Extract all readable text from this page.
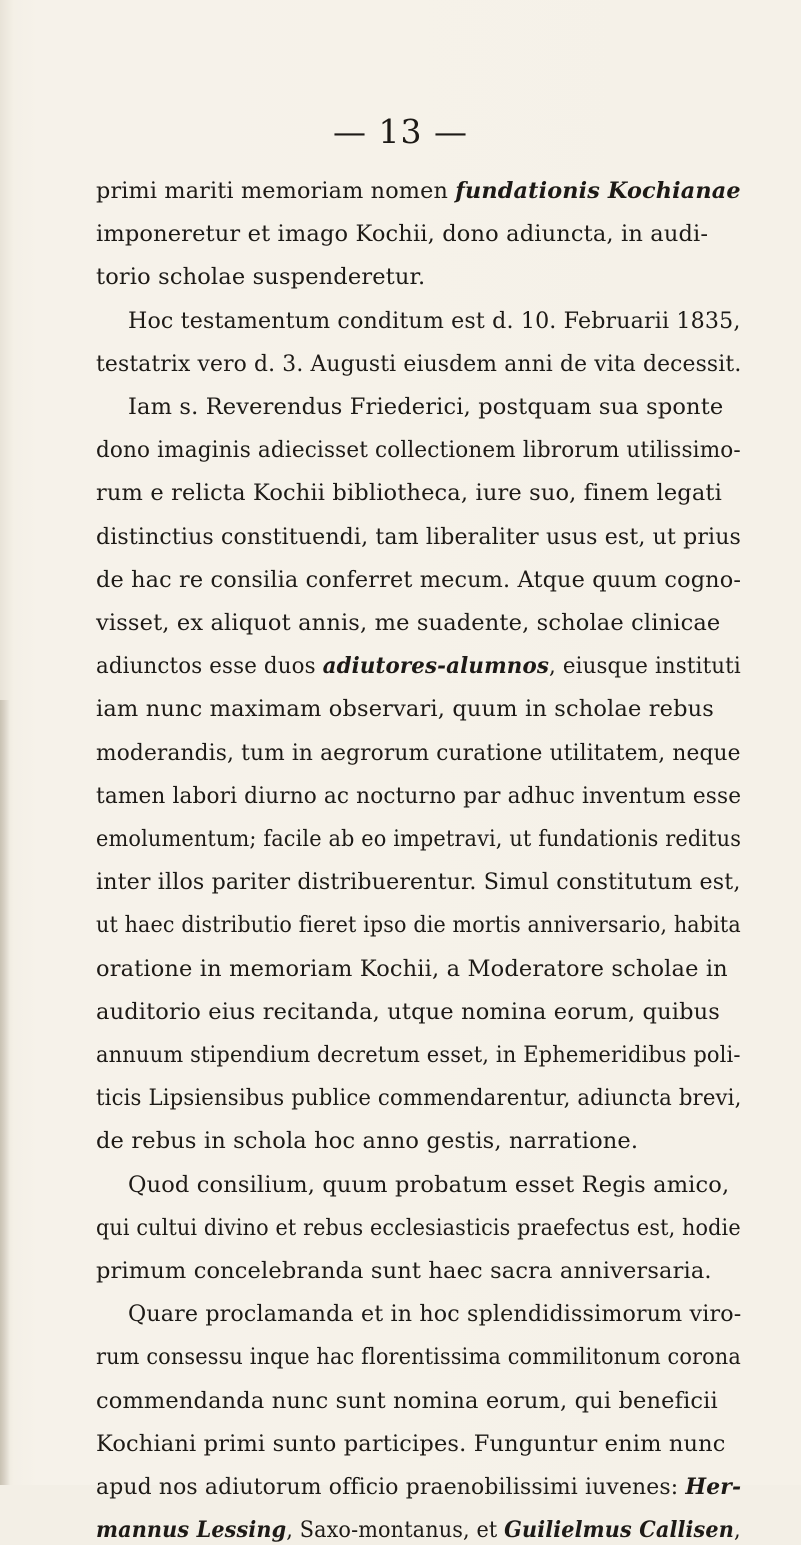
— 13 —
primi mariti memoriam nomen fundationis Kochianae
imponeretur et imago Kochii, dono adiuncta, in audi-
torio scholae suspenderetur.
Hoc testamentum conditum est d. 10. Februarii 1835,
testatrix vero d. 3. Augusti eiusdem anni de vita decessit.
Iam s. Reverendus Friederici, postquam sua sponte
dono imaginis adiecisset collectionem librorum utilissimo-
rum e relicta Kochii bibliotheca, iure suo, finem legati
distinctius constituendi, tam liberaliter usus est, ut prius
de hac re consilia conferret mecum. Atque quum cogno-
visset, ex aliquot annis, me suadente, scholae clinicae
adiunctos esse duos adiutores-alumnos, eiusque instituti
iam nunc maximam observari, quum in scholae rebus
moderandis, tum in aegrorum curatione utilitatem, neque
tamen labori diurno ac nocturno par adhuc inventum esse
emolumentum; facile ab eo impetravi, ut fundationis reditus
inter illos pariter distribuerentur. Simul constitutum est,
ut haec distributio fieret ipso die mortis anniversario, habita
oratione in memoriam Kochii, a Moderatore scholae in
auditorio eius recitanda, utque nomina eorum, quibus
annuum stipendium decretum esset, in Ephemeridibus poli-
ticis Lipsiensibus publice commendarentur, adiuncta brevi,
de rebus in schola hoc anno gestis, narratione.
Quod consilium, quum probatum esset Regis amico,
qui cultui divino et rebus ecclesiasticis praefectus est, hodie
primum concelebranda sunt haec sacra anniversaria.
Quare proclamanda et in hoc splendidissimorum viro-
rum consessu inque hac florentissima commilitonum corona
commendanda nunc sunt nomina eorum, qui beneficii
Kochiani primi sunto participes. Funguntur enim nunc
apud nos adiutorum officio praenobilissimi iuvenes: Her-
mannus Lessing, Saxo-montanus, et Guilielmus Callisen,
